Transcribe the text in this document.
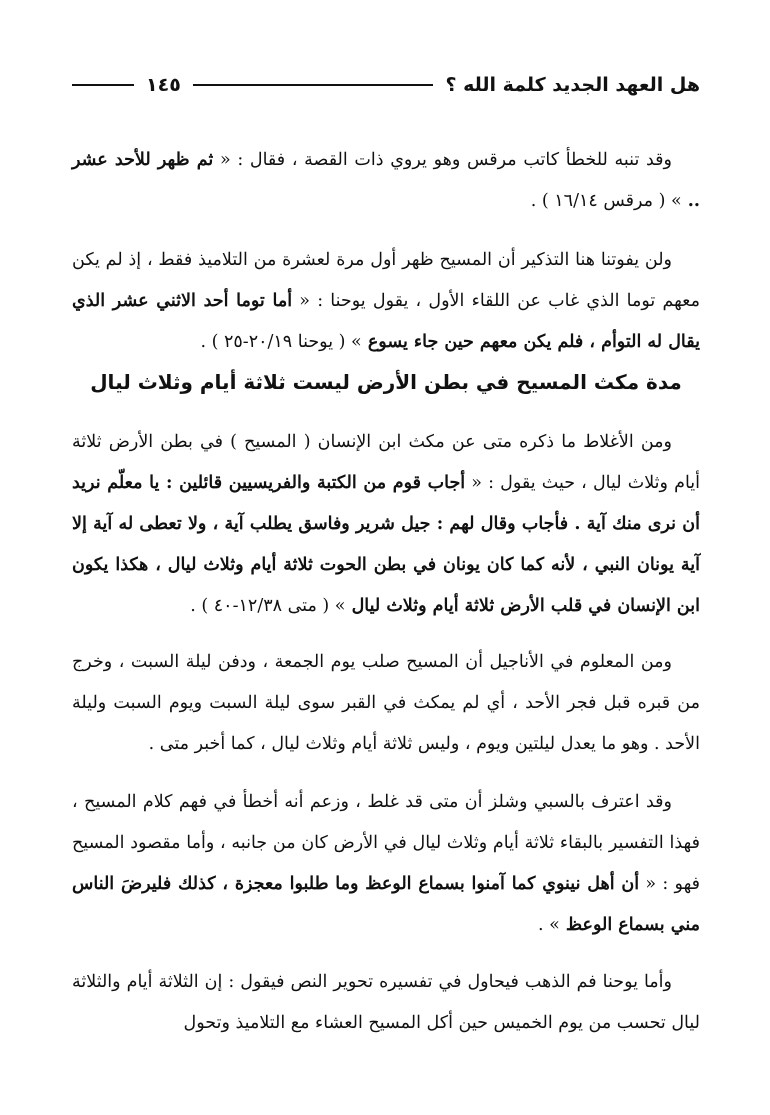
هل العهد الجديد كلمة الله ؟
١٤٥

وقد تنبه للخطأ كاتب مرقس وهو يروي ذات القصة ، فقال : « ثم ظهر للأحد عشر .. » ( مرقس ١٦/١٤ ) .

ولن يفوتنا هنا التذكير أن المسيح ظهر أول مرة لعشرة من التلاميذ فقط ، إذ لم يكن معهم توما الذي غاب عن اللقاء الأول ، يقول يوحنا : « أما توما أحد الاثني عشر الذي يقال له التوأم ، فلم يكن معهم حين جاء يسوع » ( يوحنا ٢٠/١٩-٢٥ ) .

مدة مكث المسيح في بطن الأرض ليست ثلاثة أيام وثلاث ليال

ومن الأغلاط ما ذكره متى عن مكث ابن الإنسان ( المسيح ) في بطن الأرض ثلاثة أيام وثلاث ليال ، حيث يقول : « أجاب قوم من الكتبة والفريسيين قائلين : يا معلّم نريد أن نرى منك آية . فأجاب وقال لهم : جيل شرير وفاسق يطلب آية ، ولا تعطى له آية إلا آية يونان النبي ، لأنه كما كان يونان في بطن الحوت ثلاثة أيام وثلاث ليال ، هكذا يكون ابن الإنسان في قلب الأرض ثلاثة أيام وثلاث ليال » ( متى ١٢/٣٨-٤٠ ) .

ومن المعلوم في الأناجيل أن المسيح صلب يوم الجمعة ، ودفن ليلة السبت ، وخرج من قبره قبل فجر الأحد ، أي لم يمكث في القبر سوى ليلة السبت ويوم السبت وليلة الأحد . وهو ما يعدل ليلتين ويوم ، وليس ثلاثة أيام وثلاث ليال ، كما أخبر متى .

وقد اعترف بالسبي وشلز أن متى قد غلط ، وزعم أنه أخطأ في فهم كلام المسيح ، فهذا التفسير بالبقاء ثلاثة أيام وثلاث ليال في الأرض كان من جانبه ، وأما مقصود المسيح فهو : « أن أهل نينوي كما آمنوا بسماع الوعظ وما طلبوا معجزة ، كذلك فليرضَ الناس مني بسماع الوعظ » .

وأما يوحنا فم الذهب فيحاول في تفسيره تحوير النص فيقول : إن الثلاثة أيام والثلاثة ليال تحسب من يوم الخميس حين أكل المسيح العشاء مع التلاميذ وتحول
